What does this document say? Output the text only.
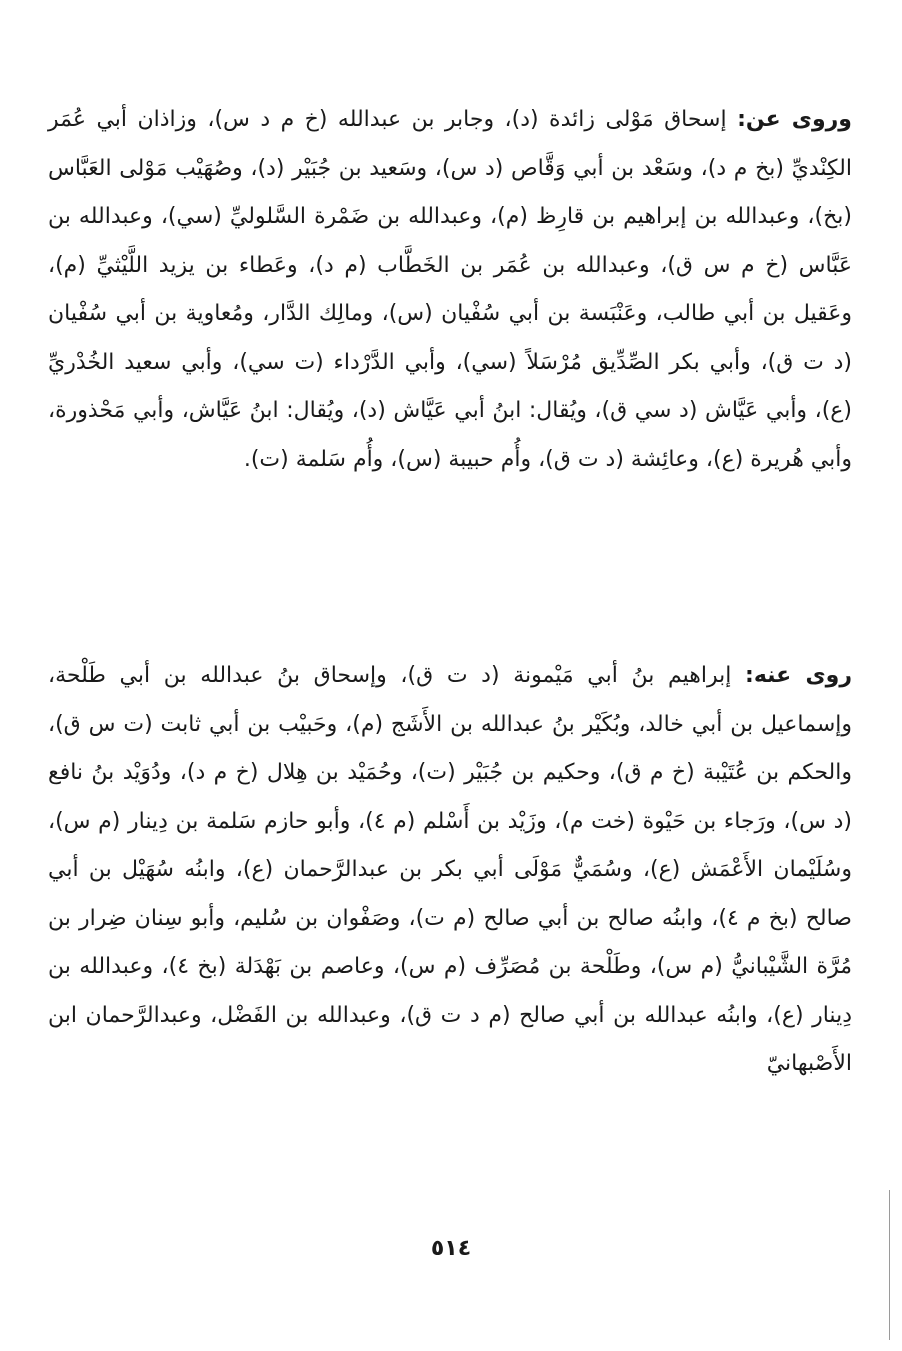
وروى عن: إسحاق مَوْلى زائدة (د)، وجابر بن عبدالله (خ م د س)، وزاذان أبي عُمَر الكِنْديِّ (بخ م د)، وسَعْد بن أبي وَقَّاص (د س)، وسَعيد بن جُبَيْر (د)، وصُهَيْب مَوْلى العَبَّاس (بخ)، وعبدالله بن إبراهيم بن قارِظ (م)، وعبدالله بن ضَمْرة السَّلوليِّ (سي)، وعبدالله بن عَبَّاس (خ م س ق)، وعبدالله بن عُمَر بن الخَطَّاب (م د)، وعَطاء بن يزيد اللَّيْثيِّ (م)، وعَقيل بن أبي طالب، وعَنْبَسة بن أبي سُفْيان (س)، ومالِك الدَّار، ومُعاوية بن أبي سُفْيان (د ت ق)، وأبي بكر الصِّدِّيق مُرْسَلاً (سي)، وأبي الدَّرْداء (ت سي)، وأبي سعيد الخُدْريِّ (ع)، وأبي عَيَّاش (د سي ق)، ويُقال: ابنُ أبي عَيَّاش (د)، ويُقال: ابنُ عَيَّاش، وأبي مَحْذورة، وأبي هُريرة (ع)، وعائِشة (د ت ق)، وأُم حبيبة (س)، وأُم سَلمة (ت).

روى عنه: إبراهيم بنُ أبي مَيْمونة (د ت ق)، وإسحاق بنُ عبدالله بن أبي طَلْحة، وإسماعيل بن أبي خالد، وبُكَيْر بنُ عبدالله بن الأَشَج (م)، وحَبيْب بن أبي ثابت (ت س ق)، والحكم بن عُتَيْبة (خ م ق)، وحكيم بن جُبَيْر (ت)، وحُمَيْد بن هِلال (خ م د)، ودُوَيْد بنُ نافع (د س)، ورَجاء بن حَيْوة (خت م)، وزَيْد بن أَسْلم (م ٤)، وأبو حازم سَلمة بن دِينار (م س)، وسُلَيْمان الأَعْمَش (ع)، وسُمَيٌّ مَوْلَى أبي بكر بن عبدالرَّحمان (ع)، وابنُه سُهَيْل بن أبي صالح (بخ م ٤)، وابنُه صالح بن أبي صالح (م ت)، وصَفْوان بن سُليم، وأبو سِنان ضِرار بن مُرَّة الشَّيْبانيُّ (م س)، وطَلْحة بن مُصَرِّف (م س)، وعاصم بن بَهْدَلة (بخ ٤)، وعبدالله بن دِينار (ع)، وابنُه عبدالله بن أبي صالح (م د ت ق)، وعبدالله بن الفَضْل، وعبدالرَّحمان ابن الأَصْبهانيّ

٥١٤
